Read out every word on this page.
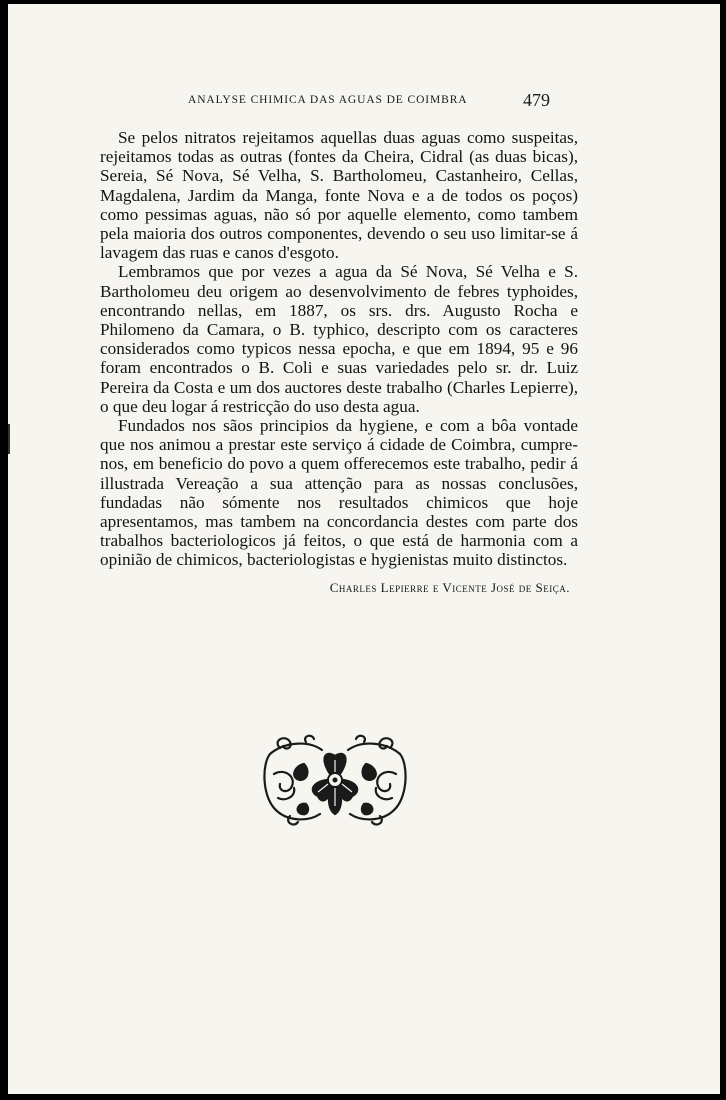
ANALYSE CHIMICA DAS AGUAS DE COIMBRA	479

Se pelos nitratos rejeitamos aquellas duas aguas como suspeitas, rejeitamos todas as outras (fontes da Cheira, Cidral (as duas bicas), Sereia, Sé Nova, Sé Velha, S. Bartholomeu, Castanheiro, Cellas, Magdalena, Jardim da Manga, fonte Nova e a de todos os poços) como pessimas aguas, não só por aquelle elemento, como tambem pela maioria dos outros componentes, devendo o seu uso limitar-se á lavagem das ruas e canos d'esgoto.

Lembramos que por vezes a agua da Sé Nova, Sé Velha e S. Bartholomeu deu origem ao desenvolvimento de febres typhoides, encontrando nellas, em 1887, os srs. drs. Augusto Rocha e Philomeno da Camara, o B. typhico, descripto com os caracteres considerados como typicos nessa epocha, e que em 1894, 95 e 96 foram encontrados o B. Coli e suas variedades pelo sr. dr. Luiz Pereira da Costa e um dos auctores deste trabalho (Charles Lepierre), o que deu logar á restricção do uso desta agua.

Fundados nos sãos principios da hygiene, e com a bôa vontade que nos animou a prestar este serviço á cidade de Coimbra, cumpre-nos, em beneficio do povo a quem offerecemos este trabalho, pedir á illustrada Vereação a sua attenção para as nossas conclusões, fundadas não sómente nos resultados chimicos que hoje apresentamos, mas tambem na concordancia destes com parte dos trabalhos bacteriologicos já feitos, o que está de harmonia com a opinião de chimicos, bacteriologistas e hygienistas muito distinctos.

Charles Lepierre e Vicente José de Seiça.
